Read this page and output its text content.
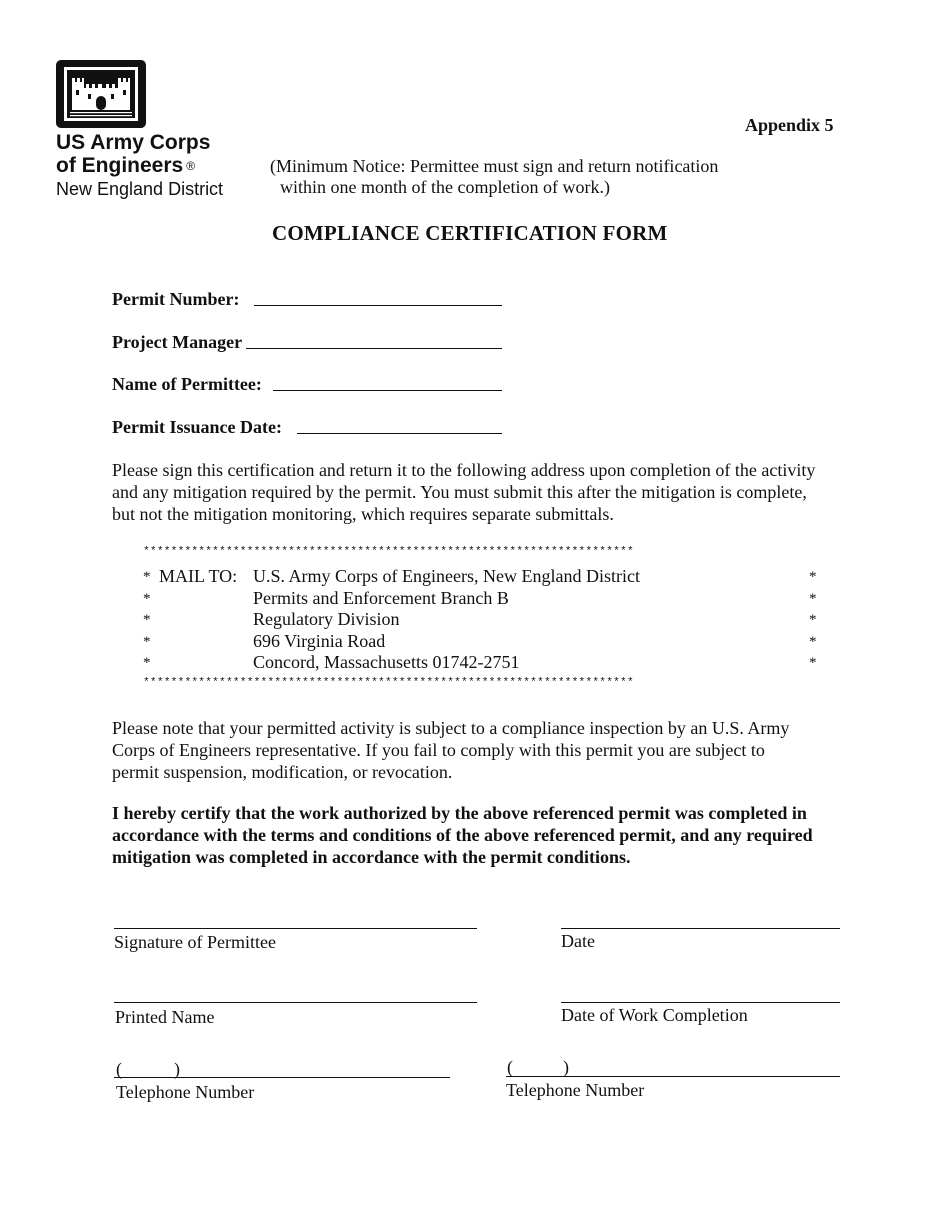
US Army Corps
of Engineers ®
New England District
Appendix 5
(Minimum Notice: Permittee must sign and return notification
within one month of the completion of work.)
COMPLIANCE CERTIFICATION FORM
Permit Number:
Project Manager
Name of Permittee:
Permit Issuance Date:
Please sign this certification and return it to the following address upon completion of the activity
and any mitigation required by the permit. You must submit this after the mitigation is complete,
but not the mitigation monitoring, which requires separate submittals.
***********************************************************************
* MAIL TO: U.S. Army Corps of Engineers, New England District	*
*	Permits and Enforcement Branch B	*
*	Regulatory Division	*
*	696 Virginia Road	*
*	Concord, Massachusetts 01742-2751	*
***********************************************************************
Please note that your permitted activity is subject to a compliance inspection by an U.S. Army
Corps of Engineers representative. If you fail to comply with this permit you are subject to
permit suspension, modification, or revocation.
I hereby certify that the work authorized by the above referenced permit was completed in
accordance with the terms and conditions of the above referenced permit, and any required
mitigation was completed in accordance with the permit conditions.
Signature of Permittee	Date
Printed Name	Date of Work Completion
(	)
Telephone Number
(	)
Telephone Number
